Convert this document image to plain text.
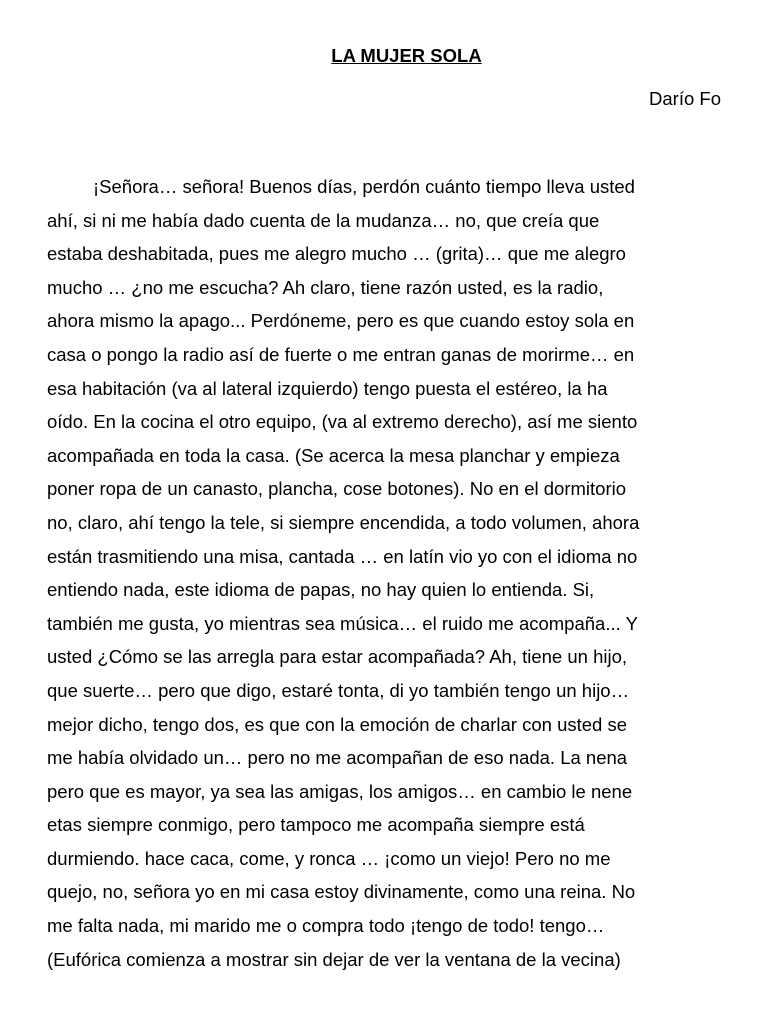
LA MUJER SOLA

Darío Fo

¡Señora… señora! Buenos días, perdón cuánto tiempo lleva usted
ahí, si ni me había dado cuenta de la mudanza… no, que creía que
estaba deshabitada, pues me alegro mucho … (grita)… que me alegro
mucho … ¿no me escucha? Ah claro, tiene razón usted, es la radio,
ahora mismo la apago... Perdóneme, pero es que cuando estoy sola en
casa o pongo la radio así de fuerte o me entran ganas de morirme… en
esa habitación (va al lateral izquierdo) tengo puesta el estéreo, la ha
oído. En la cocina el otro equipo, (va al extremo derecho), así me siento
acompañada en toda la casa. (Se acerca la mesa planchar y empieza
poner ropa de un canasto, plancha, cose botones). No en el dormitorio
no, claro, ahí tengo la tele, si siempre encendida, a todo volumen, ahora
están trasmitiendo una misa, cantada … en latín vio yo con el idioma no
entiendo nada, este idioma de papas, no hay quien lo entienda. Si,
también me gusta, yo mientras sea música… el ruido me acompaña... Y
usted ¿Cómo se las arregla para estar acompañada? Ah, tiene un hijo,
que suerte… pero que digo, estaré tonta, di yo también tengo un hijo…
mejor dicho, tengo dos, es que con la emoción de charlar con usted se
me había olvidado un… pero no me acompañan de eso nada. La nena
pero que es mayor, ya sea las amigas, los amigos… en cambio le nene
etas siempre conmigo, pero tampoco me acompaña siempre está
durmiendo. hace caca, come, y ronca … ¡como un viejo! Pero no me
quejo, no, señora yo en mi casa estoy divinamente, como una reina. No
me falta nada, mi marido me o compra todo ¡tengo de todo! tengo…
(Eufórica comienza a mostrar sin dejar de ver la ventana de la vecina)
